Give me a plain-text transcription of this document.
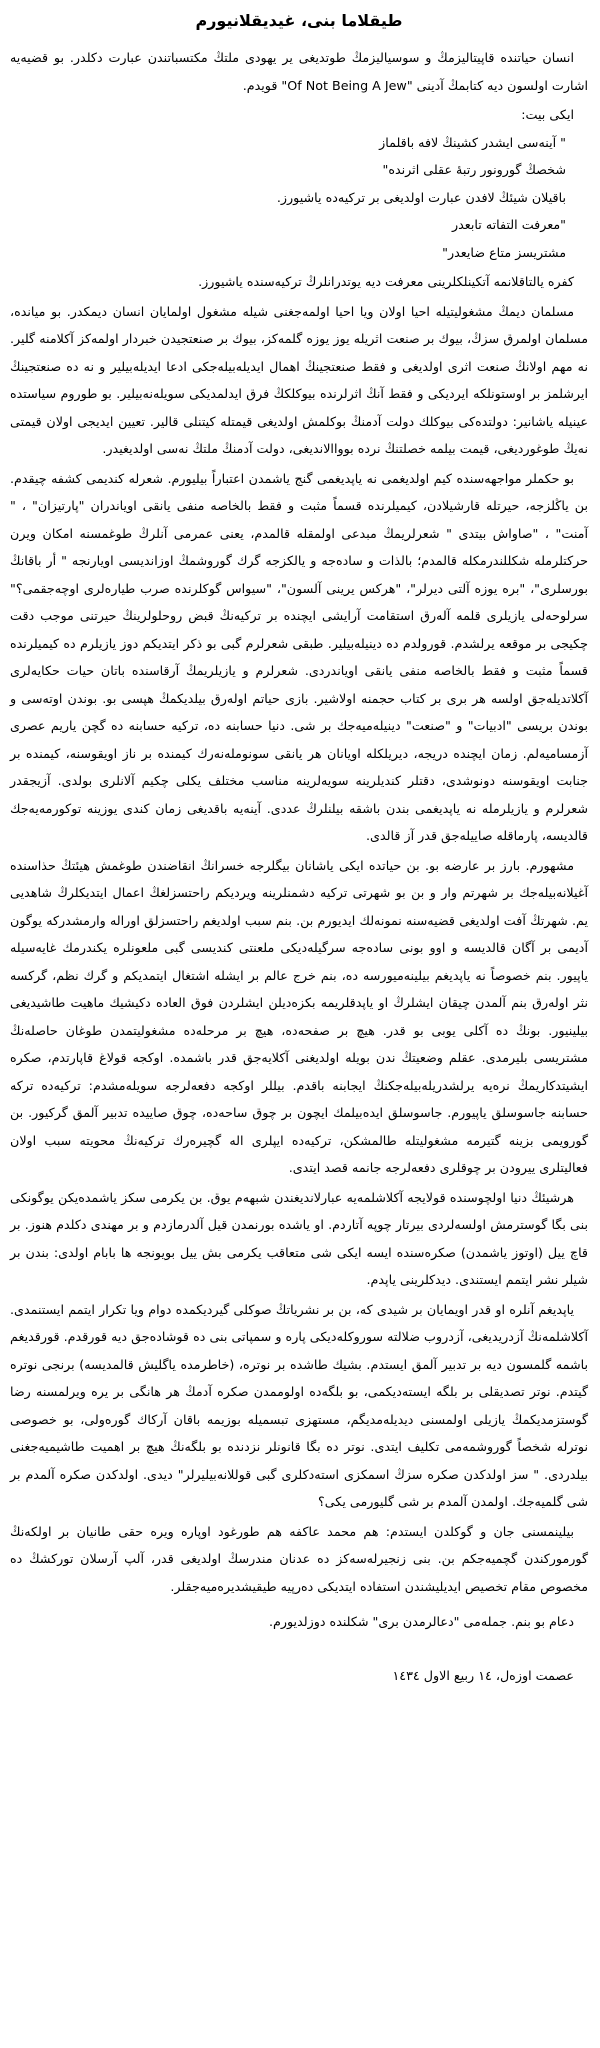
طیقلاما بنی، غیدیقلانیورم

انسان حیاتنده قاپیتالیزمڭ و سوسیالیزمڭ طوتدیغی یر یهودی ملتڭ مکتسباتندن عبارت دکلدر. بو قضیەیه اشارت اولسون دیه کتابمڭ آدینی "Of Not Being A Jew" قویدم.

ایکی بیت:
" آینەسی ایشدر کشینڭ لافه باقلماز
شخصڭ گورونور رتبۀ عقلی اثرنده"
باقیلان شیئڭ لافدن عبارت اولدیغی بر ترکیەده یاشیورز.
"معرفت التفاته تابعدر
مشتریسز متاع ضایعدر"

کفره یالتاقلانمه آتکینلکلرینی معرفت دیه یوتدرانلرڭ ترکیەسنده یاشیورز.

مسلمان دیمڭ مشغولیتیله احیا اولان ویا احیا اولمەجغنی شیله مشغول اولمایان انسان دیمکدر. بو میانده، مسلمان اولمرق سزڭ، بیوك بر صنعت اثریله یوز یوزه گلمه‌كز، بیوك بر صنعتجیدن خبردار اولمه‌كز آکلامنه گلیر. نه مهم اولانڭ صنعت اثری اولدیغی و فقط صنعتجینڭ اهمال ایدیلەبیلەجکی ادعا ایدیلەبیلیر و نه ده صنعتجینڭ ایرشلمز بر اوستونلکه ایردیکی و فقط آنڭ اثرلرنده بیوکلکڭ فرق ایدلمدیکی سویلەنەبیلیر. بو طوروم سیاستده عینیله یاشانیر: دولتده‌کی بیوکلك دولت آدمنڭ بوکلمش اولدیغی قیمتله کیتنلی قالیر. تعیین ایدیجی اولان قیمتی نه‌یڭ طوغوردیغی، قیمت بیلمه خصلتنڭ نرده بوواالاندیغی، دولت آدمنڭ ملتڭ نەسی اولدیغیدر.

بو حکملر مواجهەسنده کیم اولدیغمی نه یاپدیغمی گنج یاشمدن اعتباراً بیلیورم. شعرله کندیمی کشفه چیقدم. بن یاڭلزجه، حیرتله قارشیلادن، کیمیلرنده قسماً مثبت و فقط بالخاصه منفی یانقی اویاندران "پارتیزان" ، " آمنت" ، "صاواش بیتدی " شعرلریمڭ مبدعی اولمقله قالمدم، یعنی عمرمی آنلرڭ طوغمسنه امکان ویرن حرکتلرمله شکللندرمکله قالمدم؛ بالذات و سادەجه و یالکزجه گرك گوروشمڭ اوزاندیسی اویارنجه " أر باقانڭ بورسلری"، "بره یوزه آلتی دیرلر"، "هرکس یرینی آلسون"، "سیواس گوکلرنده صرب طیارەلری اوچەجقمی؟" سرلوحەلی یازیلری قلمه آلەرق استقامت آرایشی ایچنده بر ترکیەنڭ قبض روحلولرینڭ حیرتنی موجب دقت چکیجی بر موقعه یرلشدم. قورولدم ده دینیلەبیلیر. طبقی شعرلرم گبی بو ذکر ایتدیکم دوز یازیلرم ده کیمیلرنده قسماً مثبت و فقط بالخاصه منفی یانقی اویاندردی. شعرلرم و یازیلریمڭ آرقاسنده باتان حیات حکایەلری آکلاتدیلەجق اولسه هر بری بر کتاب حجمنه اولاشیر. بازی حیاتم اولەرق بیلدیکمڭ هپسی بو. بوندن اوتەسی و بوندن بریسی "ادبیات" و "صنعت" دینیلەمیەجك بر شی. دنیا حسابنه ده، ترکیه حسابنه ده گچن یاریم عصری آزمسامیەلم. زمان ایچنده دریجه، دیریلکله اویانان هر یانقی سونوملەنەرك کیمندە بر ناز اویقوسنە، کیمنده بر جنابت اویقوسنه دونوشدی، دقتلر کندیلرینه سویەلرینه مناسب مختلف یکلی چکیم آلانلری بولدی. آزیجقدر شعرلرم و یازیلرمله نه یاپدیغمی بندن باشقه بیلنلرڭ عددی. آینەیه باقدیغی زمان کندی یوزینه توکورمەیەجك قالدیسه، پارماقله صاییلەجق قدر آز قالدی.

مشهورم. بارز بر عارضه بو. بن حیاتده ایکی یاشانان بیگلرجه خسرانڭ انقاضندن طوغمش هیئتڭ حذاسنده آغیلانەبیلەجك بر شهرتم وار و بن بو شهرتی ترکیه دشمنلرینه ویردیکم راحتسزلغڭ اعمال ایتدیکلرڭ شاهدیی یم. شهرتڭ آفت اولدیغی قضیەسنه نمونەلك ایدیورم بن. بنم سبب اولدیغم راحتسزلق اوراله وارمشدرکه یوگون آدیمی بر آگان قالدیسه و اوو بونی سادەجه سرگیلەدیکی ملعنتی کندیسی گبی ملعونلره یکندرمك غایەسیله یاپیور. بنم خصوصاً نه یاپدیغم بیلینەمیورسه ده، بنم خرج عالم بر ایشله اشتغال ایتمدیکم و گرك نظم، گرکسه نثر اولەرق بنم آلمدن چیقان ایشلرڭ او یاپدقلریمه بکزەدیلن ایشلردن فوق العاده دکیشیك ماهیت طاشیدیغی بیلینیور. بونڭ ده آکلی یوبی بو قدر. هیچ بر صفحەده، هیچ بر مرحلەده مشغولیتمدن طوغان حاصلەنڭ مشتریسی بلیرمدی. عقلم وضعیتڭ ندن بویله اولدیغنی آکلایەجق قدر باشمده. اوکجه قولاغ قاپارتدم، صکره ایشیتدکاریمڭ نرەیه یرلشدریلەبیلەجکنڭ ایجابنه باقدم. بیللر اوکجه دفعەلرجه سویلەمشدم: ترکیەده ترکه حسابنه جاسوسلق یاپیورم. جاسوسلق ایدەبیلمك ایچون بر چوق ساحەده، چوق صاییده تدبیر آلمق گرکیور. بن گورویمی بزینه گتیرمه مشغولیتله طالمشکن، ترکیەده ایپلری اله گچیرەرك ترکیەنڭ محویته سبب اولان فعالیتلری ییرودن بر چوقلری دفعەلرجه جانمه قصد ایتدی.

هرشیئڭ دنیا اولچوسنده قولایجه آکلاشلمەیه عبارلاندیغندن شبهەم یوق. بن یکرمی سکز یاشمدەیکن یوگونکی بنی بگا گوسترمش اولسەلردی بیرتار چوپه آتاردم. او یاشده بورنمدن قیل آلدرمازدم و بر مهندی دکلدم هنوز. بر قاچ ییل (اوتوز یاشمدن) صکرەسنده ایسه ایکی شی متعاقب یکرمی بش ییل بویونجه ها بابام اولدی: بندن بر شیلر نشر ایتمم ایستندی. دیدکلرینی یاپدم.

یاپدیغم آنلره او قدر اویمایان بر شیدی که، بن بر نشریاتڭ صوکلی گیردیکمده دوام ویا تکرار ایتمم ایستنمدی. آکلاشلمەنڭ آزدریدیغی، آزدروب ضلالتە سوروکلەدیکی پاره و سمپاتی بنی ده قوشادەجق دیه قورقدم. قورقدیغم باشمه گلمسون دیه بر تدبیر آلمق ایستدم. بشیك طاشده بر نوتره، (خاطرمده یاگلیش قالمدیسه) برنجی نوتره گیتدم. نوتر تصدیقلی بر بلگه ایستەدیکمی، بو بلگەده اولوممدن صکره آدمڭ هر هانگی بر یره ویرلمسنه رضا گوستزمدیکمڭ یازیلی اولمسنی دیدیلەمدیگم، مستهزی تبسمیله بوزیمه باقان آرکاك گورەولی، بو خصوصی نوترله شخصاً گوروشمەمی تکلیف ایتدی. نوتر ده بگا قانونلر نزدنده بو بلگەنڭ هیچ بر اهمیت طاشیمیەجغنی بیلدردی. " سز اولدکدن صکره سزڭ اسمکزی استەدکلری گبی قوللانەبیلیرلر" دیدی. اولدکدن صکره آلمدم بر شی گلمیەجك. اولمدن آلمدم بر شی گلیورمی یکی؟

بیلینمسنی جان و گوکلدن ایستدم: هم محمد عاکفه هم طورغود اوپاره ویرە حقی طانیان بر اولکەنڭ گورمورکندن گچمیەجکم بن. بنی زنجیرلەسەكز ده عدنان مندرسڭ اولدیغی قدر، آلپ آرسلان توركشڭ ده مخصوص مقام تخصیص ایدیلیشندن استفاده ایتدیکی دەرپیه طیقیشدیرەمیەجقلر.

دعام بو بنم. جملەمی "دعالرمدن بری" شکلنده دوزلدیورم.

عصمت اوزەل، ١٤ ربیع الاول ١٤٣٤
